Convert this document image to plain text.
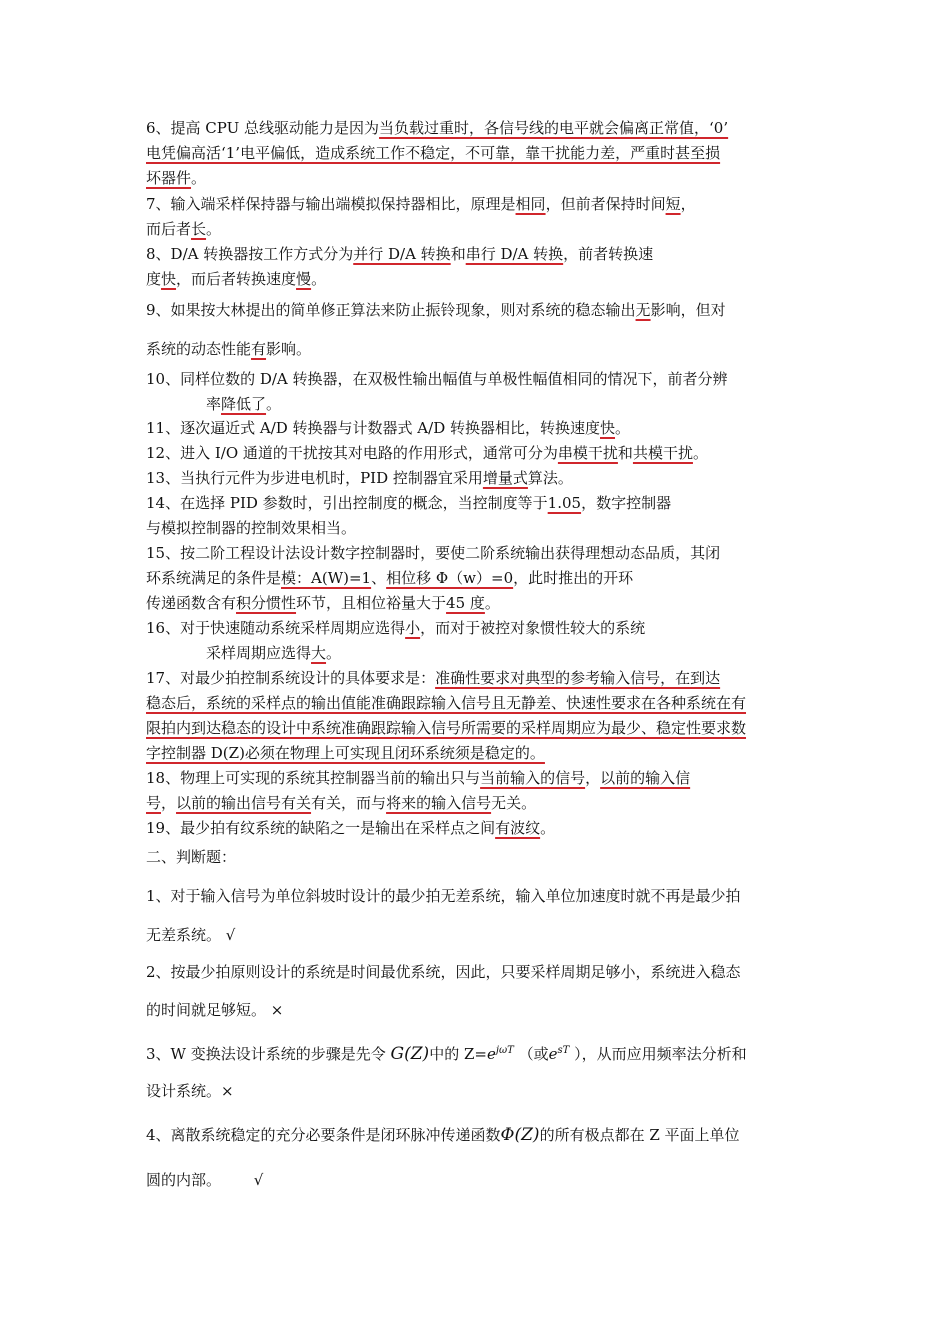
6、提高 CPU 总线驱动能力是因为当负载过重时，各信号线的电平就会偏离正常值，‘0’
电凭偏高活‘1’电平偏低，造成系统工作不稳定，不可靠，靠干扰能力差，严重时甚至损
坏器件。
7、输入端采样保持器与输出端模拟保持器相比，原理是相同，但前者保持时间短，
而后者长。
8、D/A 转换器按工作方式分为并行 D/A 转换和串行 D/A 转换，前者转换速
度快，而后者转换速度慢。
9、如果按大林提出的简单修正算法来防止振铃现象，则对系统的稳态输出无影响，但对
系统的动态性能有影响。
10、同样位数的 D/A 转换器，在双极性输出幅值与单极性幅值相同的情况下，前者分辨
率降低了。
11、逐次逼近式 A/D 转换器与计数器式 A/D 转换器相比，转换速度快。
12、进入 I/O 通道的干扰按其对电路的作用形式，通常可分为串模干扰和共模干扰。
13、当执行元件为步进电机时，PID 控制器宜采用增量式算法。
14、在选择 PID 参数时，引出控制度的概念，当控制度等于1.05，数字控制器
与模拟控制器的控制效果相当。
15、按二阶工程设计法设计数字控制器时，要使二阶系统输出获得理想动态品质，其闭
环系统满足的条件是模：A(W)=1、相位移 Φ（w）=0，此时推出的开环
传递函数含有积分惯性环节，且相位裕量大于45 度。
16、对于快速随动系统采样周期应选得小，而对于被控对象惯性较大的系统
采样周期应选得大。
17、对最少拍控制系统设计的具体要求是：准确性要求对典型的参考输入信号，在到达
稳态后，系统的采样点的输出值能准确跟踪输入信号且无静差、快速性要求在各种系统在有
限拍内到达稳态的设计中系统准确跟踪输入信号所需要的采样周期应为最少、稳定性要求数
字控制器 D(Z)必须在物理上可实现且闭环系统须是稳定的。
18、物理上可实现的系统其控制器当前的输出只与当前输入的信号，以前的输入信
号，以前的输出信号有关有关，而与将来的输入信号无关。
19、最少拍有纹系统的缺陷之一是输出在采样点之间有波纹。
二、判断题：
1、对于输入信号为单位斜坡时设计的最少拍无差系统，输入单位加速度时就不再是最少拍
无差系统。 √
2、按最少拍原则设计的系统是时间最优系统，因此，只要采样周期足够小，系统进入稳态
的时间就足够短。 ×
3、W 变换法设计系统的步骤是先令 G(Z)中的 $Z=e^{j\omega T}$ （或$e^{sT}$ ），从而应用频率法分析和
设计系统。×
4、离散系统稳定的充分必要条件是闭环脉冲传递函数Φ(Z)的所有极点都在 Z 平面上单位
圆的内部。 √
